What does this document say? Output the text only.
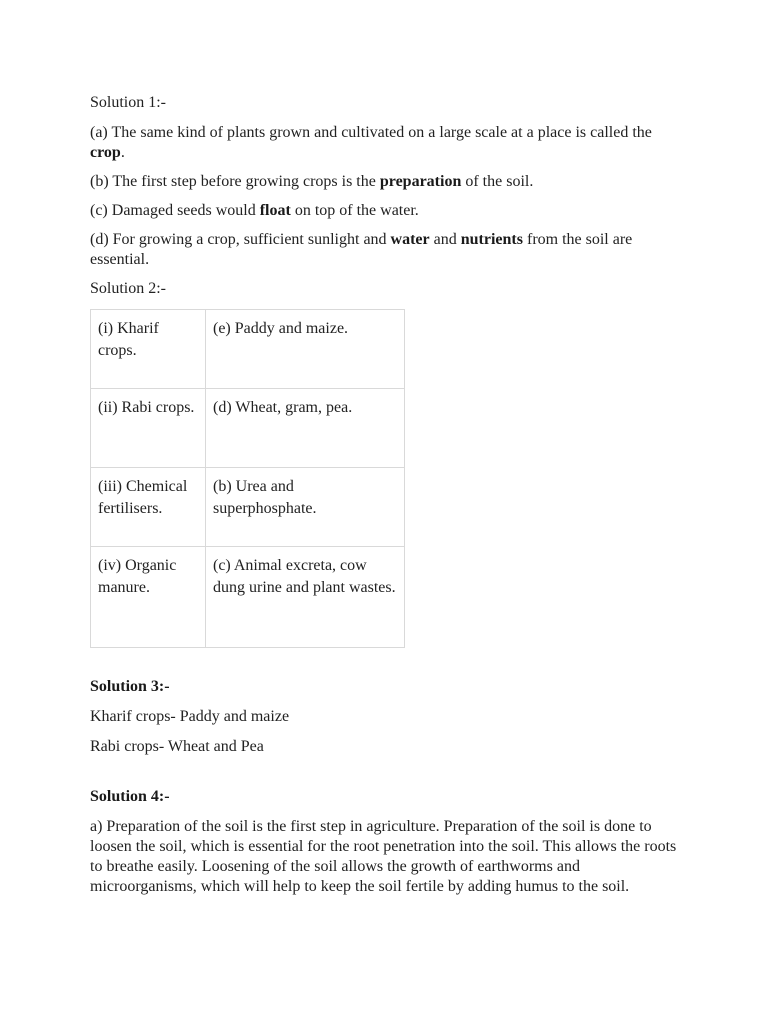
Solution 1:-

(a) The same kind of plants grown and cultivated on a large scale at a place is called the crop.

(b) The first step before growing crops is the preparation of the soil.

(c) Damaged seeds would float on top of the water.

(d) For growing a crop, sufficient sunlight and water and nutrients from the soil are essential.

Solution 2:-

(i) Kharif crops.	(e) Paddy and maize.
(ii) Rabi crops.	(d) Wheat, gram, pea.
(iii) Chemical fertilisers.	(b) Urea and superphosphate.
(iv) Organic manure.	(c) Animal excreta, cow dung urine and plant wastes.

Solution 3:-

Kharif crops- Paddy and maize

Rabi crops- Wheat and Pea

Solution 4:-

a) Preparation of the soil is the first step in agriculture. Preparation of the soil is done to loosen the soil, which is essential for the root penetration into the soil. This allows the roots to breathe easily. Loosening of the soil allows the growth of earthworms and microorganisms, which will help to keep the soil fertile by adding humus to the soil.
